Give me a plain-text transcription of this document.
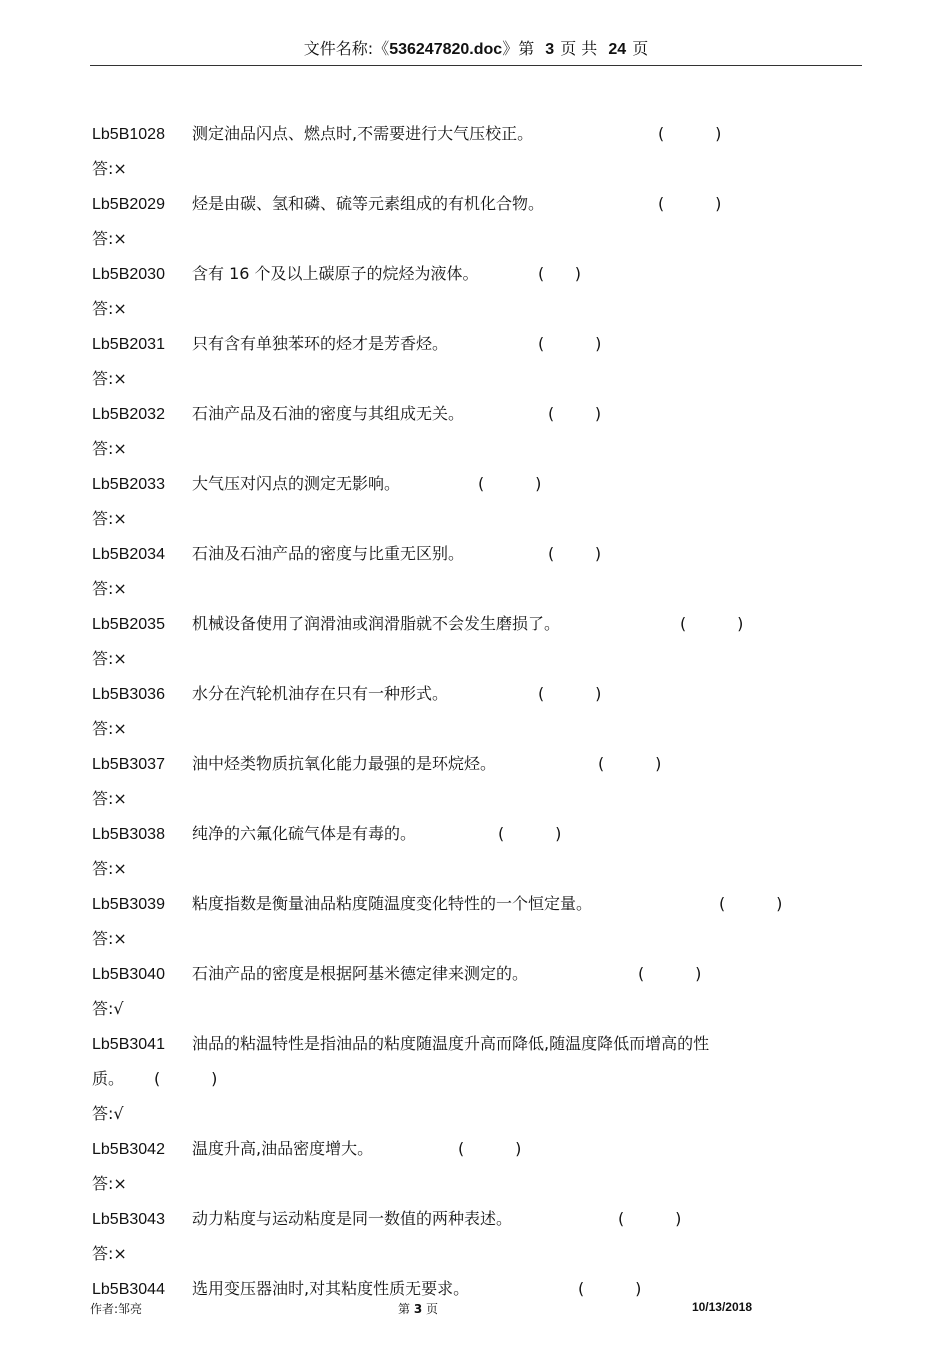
文件名称:《536247820.doc》第 3 页 共 24 页
Lb5B1028 测定油品闪点、燃点时,不需要进行大气压校正。	(          )
答:×
Lb5B2029 烃是由碳、氢和磷、硫等元素组成的有机化合物。	(          )
答:×
Lb5B2030 含有 16 个及以上碳原子的烷烃为液体。	(      )
答:×
Lb5B2031 只有含有单独苯环的烃才是芳香烃。	(          )
答:×
Lb5B2032 石油产品及石油的密度与其组成无关。	(        )
答:×
Lb5B2033 大气压对闪点的测定无影响。	(          )
答:×
Lb5B2034 石油及石油产品的密度与比重无区别。	(        )
答:×
Lb5B2035 机械设备使用了润滑油或润滑脂就不会发生磨损了。	(          )
答:×
Lb5B3036 水分在汽轮机油存在只有一种形式。	(          )
答:×
Lb5B3037 油中烃类物质抗氧化能力最强的是环烷烃。	(          )
答:×
Lb5B3038 纯净的六氟化硫气体是有毒的。	(          )
答:×
Lb5B3039 粘度指数是衡量油品粘度随温度变化特性的一个恒定量。	(          )
答:×
Lb5B3040 石油产品的密度是根据阿基米德定律来测定的。	(          )
答:√
Lb5B3041 油品的粘温特性是指油品的粘度随温度升高而降低,随温度降低而增高的性
质。 (          )
答:√
Lb5B3042 温度升高,油品密度增大。	(          )
答:×
Lb5B3043 动力粘度与运动粘度是同一数值的两种表述。	(          )
答:×
Lb5B3044 选用变压器油时,对其粘度性质无要求。	(          )
作者:邹亮	第 3 页	10/13/2018
